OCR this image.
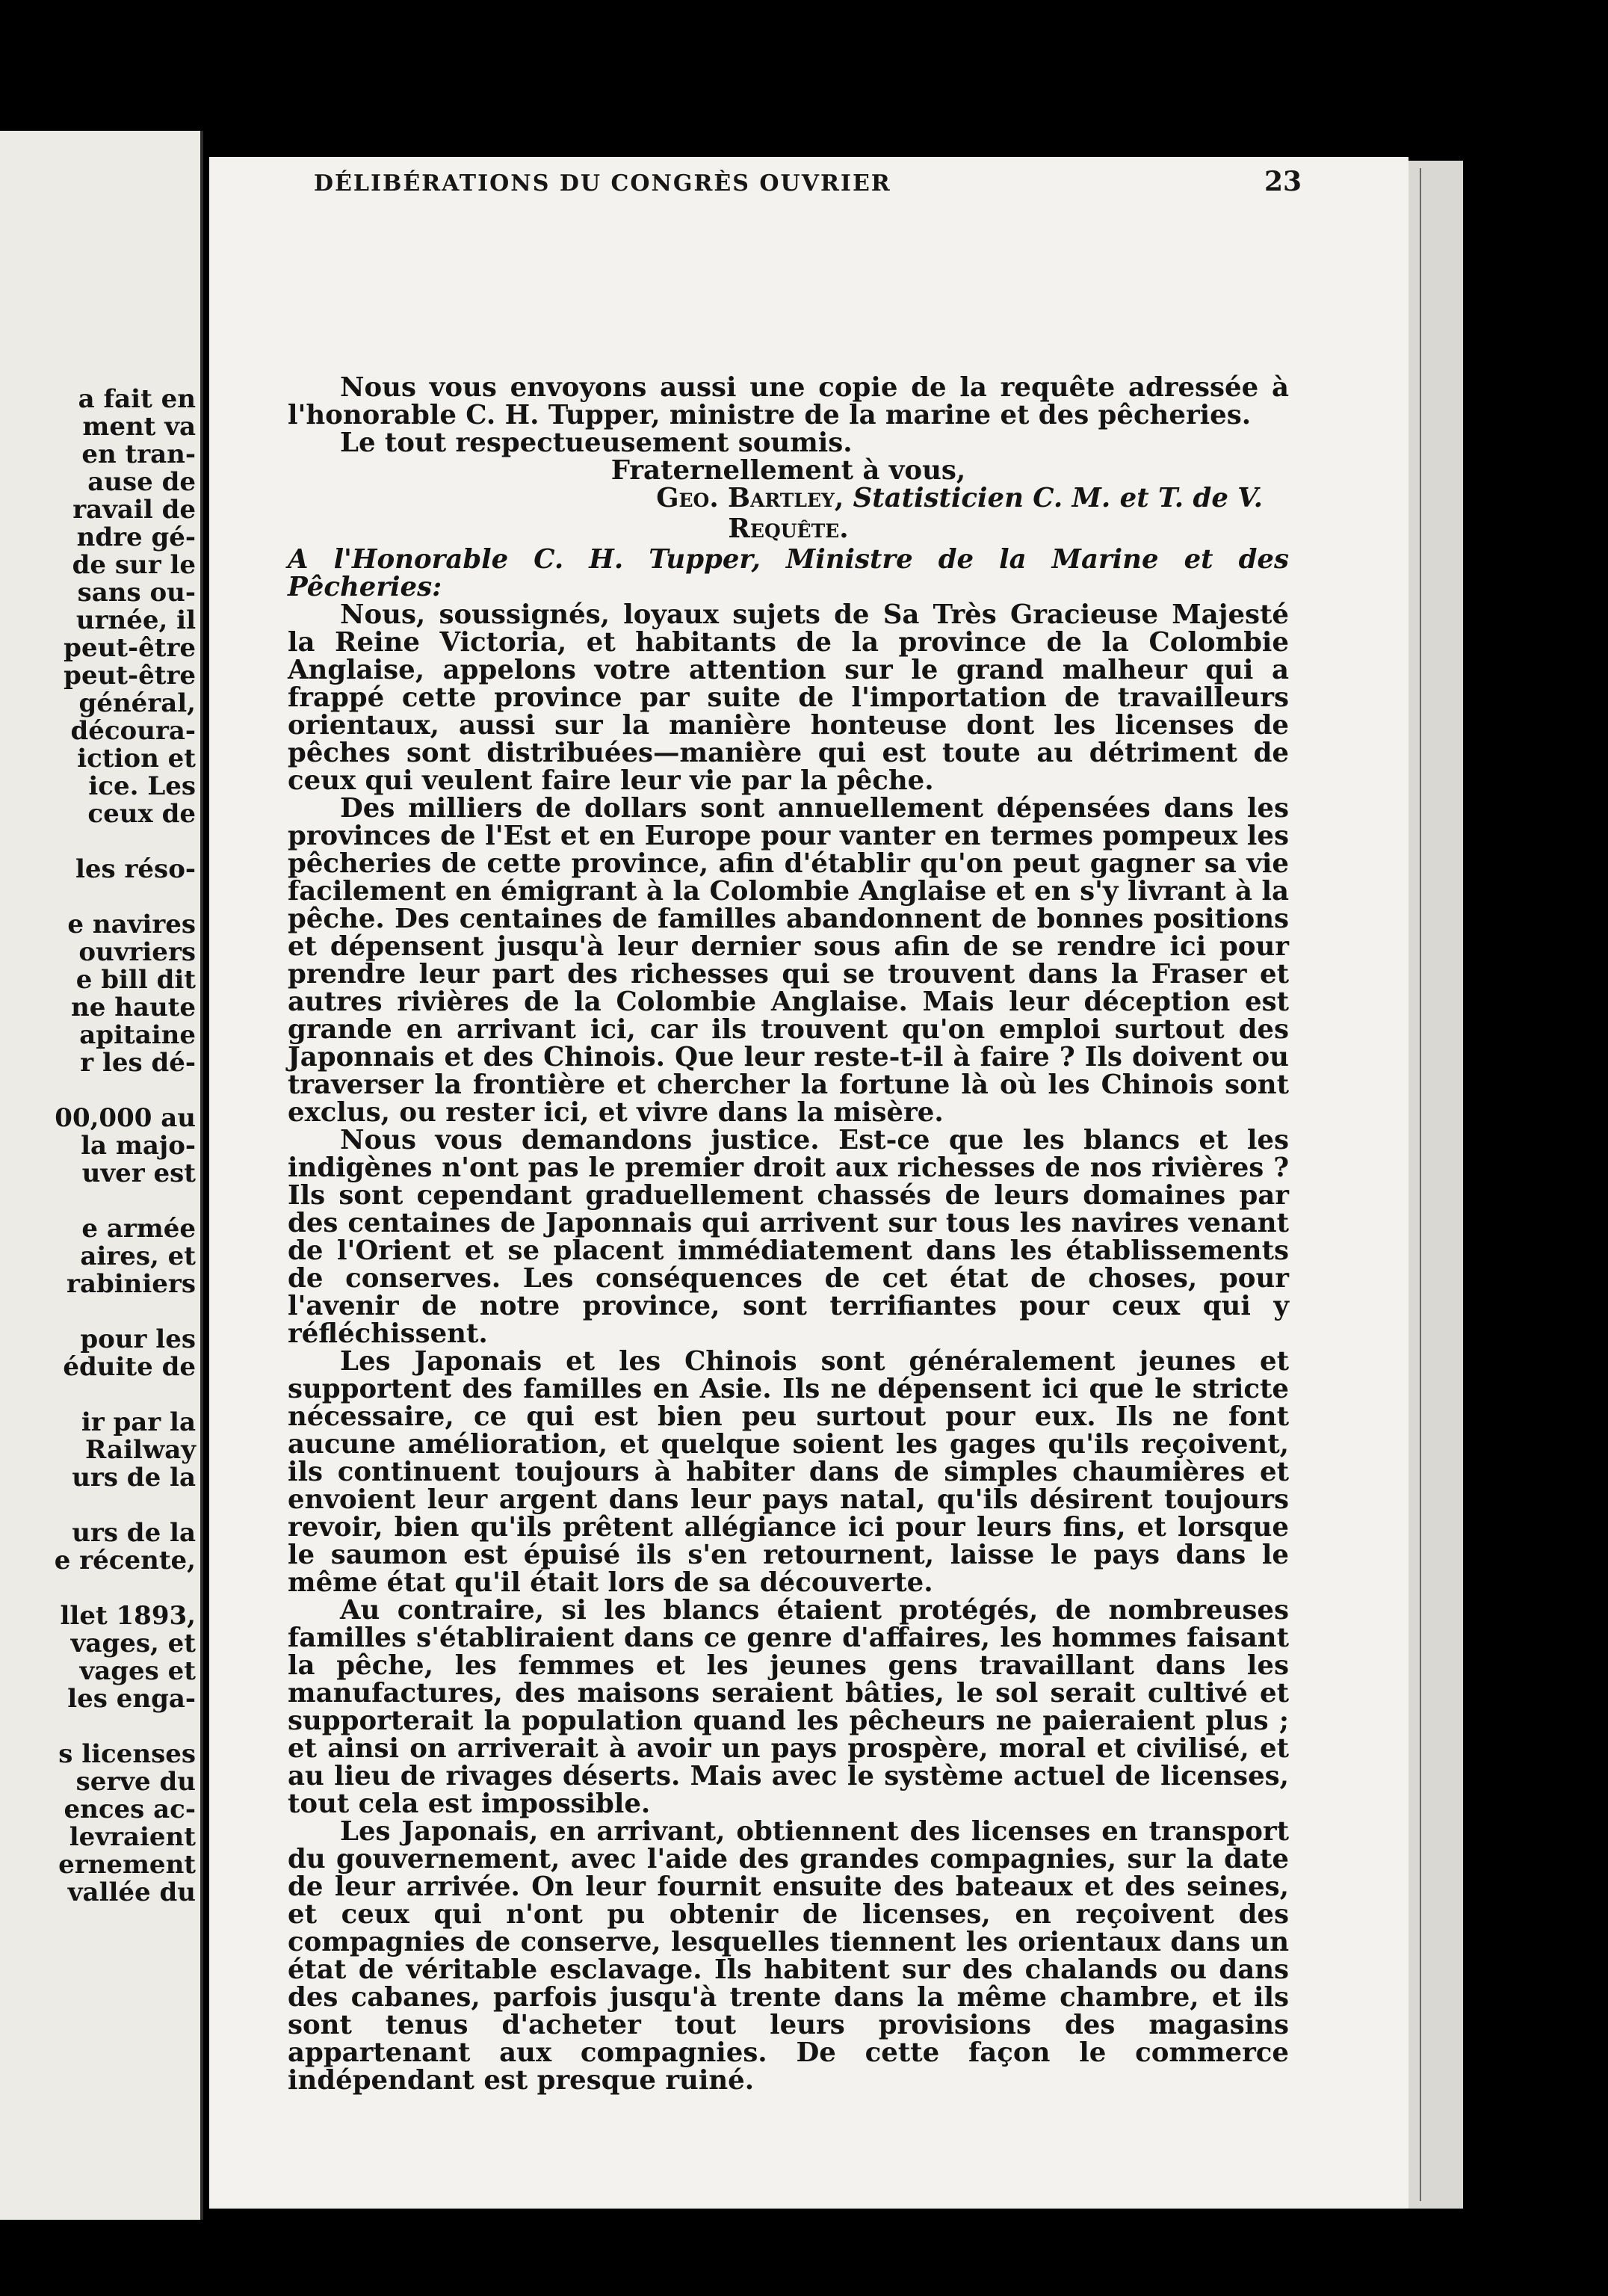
a fait en
ment va
en tran-
ause de
ravail de
ndre gé-
de sur le
sans ou-
urnée, il
peut-être
peut-être
général,
découra-
iction et
ice. Les
ceux de
les réso-
e navires
ouvriers
e bill dit
ne haute
apitaine
r les dé-
00,000 au
la majo-
uver est
e armée
aires, et
rabiniers
pour les
éduite de
ir par la
Railway
urs de la
urs de la
e récente,
llet 1893,
vages, et
vages et
les enga-
s licenses
serve du
ences ac-
levraient
ernement
vallée du
DÉLIBÉRATIONS DU CONGRÈS OUVRIER	23

Nous vous envoyons aussi une copie de la requête adressée à l'honorable C. H. Tupper, ministre de la marine et des pêcheries.

Le tout respectueusement soumis.

Fraternellement à vous,

Geo. Bartley, Statisticien C. M. et T. de V.

Requête.

A l'Honorable C. H. Tupper, Ministre de la Marine et des Pêcheries:

Nous, soussignés, loyaux sujets de Sa Très Gracieuse Majesté la Reine Victoria, et habitants de la province de la Colombie Anglaise, appelons votre attention sur le grand malheur qui a frappé cette province par suite de l'importation de travailleurs orientaux, aussi sur la manière honteuse dont les licenses de pêches sont distribuées—manière qui est toute au détriment de ceux qui veulent faire leur vie par la pêche.

Des milliers de dollars sont annuellement dépensées dans les provinces de l'Est et en Europe pour vanter en termes pompeux les pêcheries de cette province, afin d'établir qu'on peut gagner sa vie facilement en émigrant à la Colombie Anglaise et en s'y livrant à la pêche. Des centaines de familles abandonnent de bonnes positions et dépensent jusqu'à leur dernier sous afin de se rendre ici pour prendre leur part des richesses qui se trouvent dans la Fraser et autres rivières de la Colombie Anglaise. Mais leur déception est grande en arrivant ici, car ils trouvent qu'on emploi surtout des Japonnais et des Chinois. Que leur reste-t-il à faire ? Ils doivent ou traverser la frontière et chercher la fortune là où les Chinois sont exclus, ou rester ici, et vivre dans la misère.

Nous vous demandons justice. Est-ce que les blancs et les indigènes n'ont pas le premier droit aux richesses de nos rivières ? Ils sont cependant graduellement chassés de leurs domaines par des centaines de Japonnais qui arrivent sur tous les navires venant de l'Orient et se placent immédiatement dans les établissements de conserves. Les conséquences de cet état de choses, pour l'avenir de notre province, sont terrifiantes pour ceux qui y réfléchissent.

Les Japonais et les Chinois sont généralement jeunes et supportent des familles en Asie. Ils ne dépensent ici que le stricte nécessaire, ce qui est bien peu surtout pour eux. Ils ne font aucune amélioration, et quelque soient les gages qu'ils reçoivent, ils continuent toujours à habiter dans de simples chaumières et envoient leur argent dans leur pays natal, qu'ils désirent toujours revoir, bien qu'ils prêtent allégiance ici pour leurs fins, et lorsque le saumon est épuisé ils s'en retournent, laisse le pays dans le même état qu'il était lors de sa découverte.

Au contraire, si les blancs étaient protégés, de nombreuses familles s'établiraient dans ce genre d'affaires, les hommes faisant la pêche, les femmes et les jeunes gens travaillant dans les manufactures, des maisons seraient bâties, le sol serait cultivé et supporterait la population quand les pêcheurs ne paieraient plus ; et ainsi on arriverait à avoir un pays prospère, moral et civilisé, et au lieu de rivages déserts. Mais avec le système actuel de licenses, tout cela est impossible.

Les Japonais, en arrivant, obtiennent des licenses en transport du gouvernement, avec l'aide des grandes compagnies, sur la date de leur arrivée. On leur fournit ensuite des bateaux et des seines, et ceux qui n'ont pu obtenir de licenses, en reçoivent des compagnies de conserve, lesquelles tiennent les orientaux dans un état de véritable esclavage. Ils habitent sur des chalands ou dans des cabanes, parfois jusqu'à trente dans la même chambre, et ils sont tenus d'acheter tout leurs provisions des magasins appartenant aux compagnies. De cette façon le commerce indépendant est presque ruiné.
